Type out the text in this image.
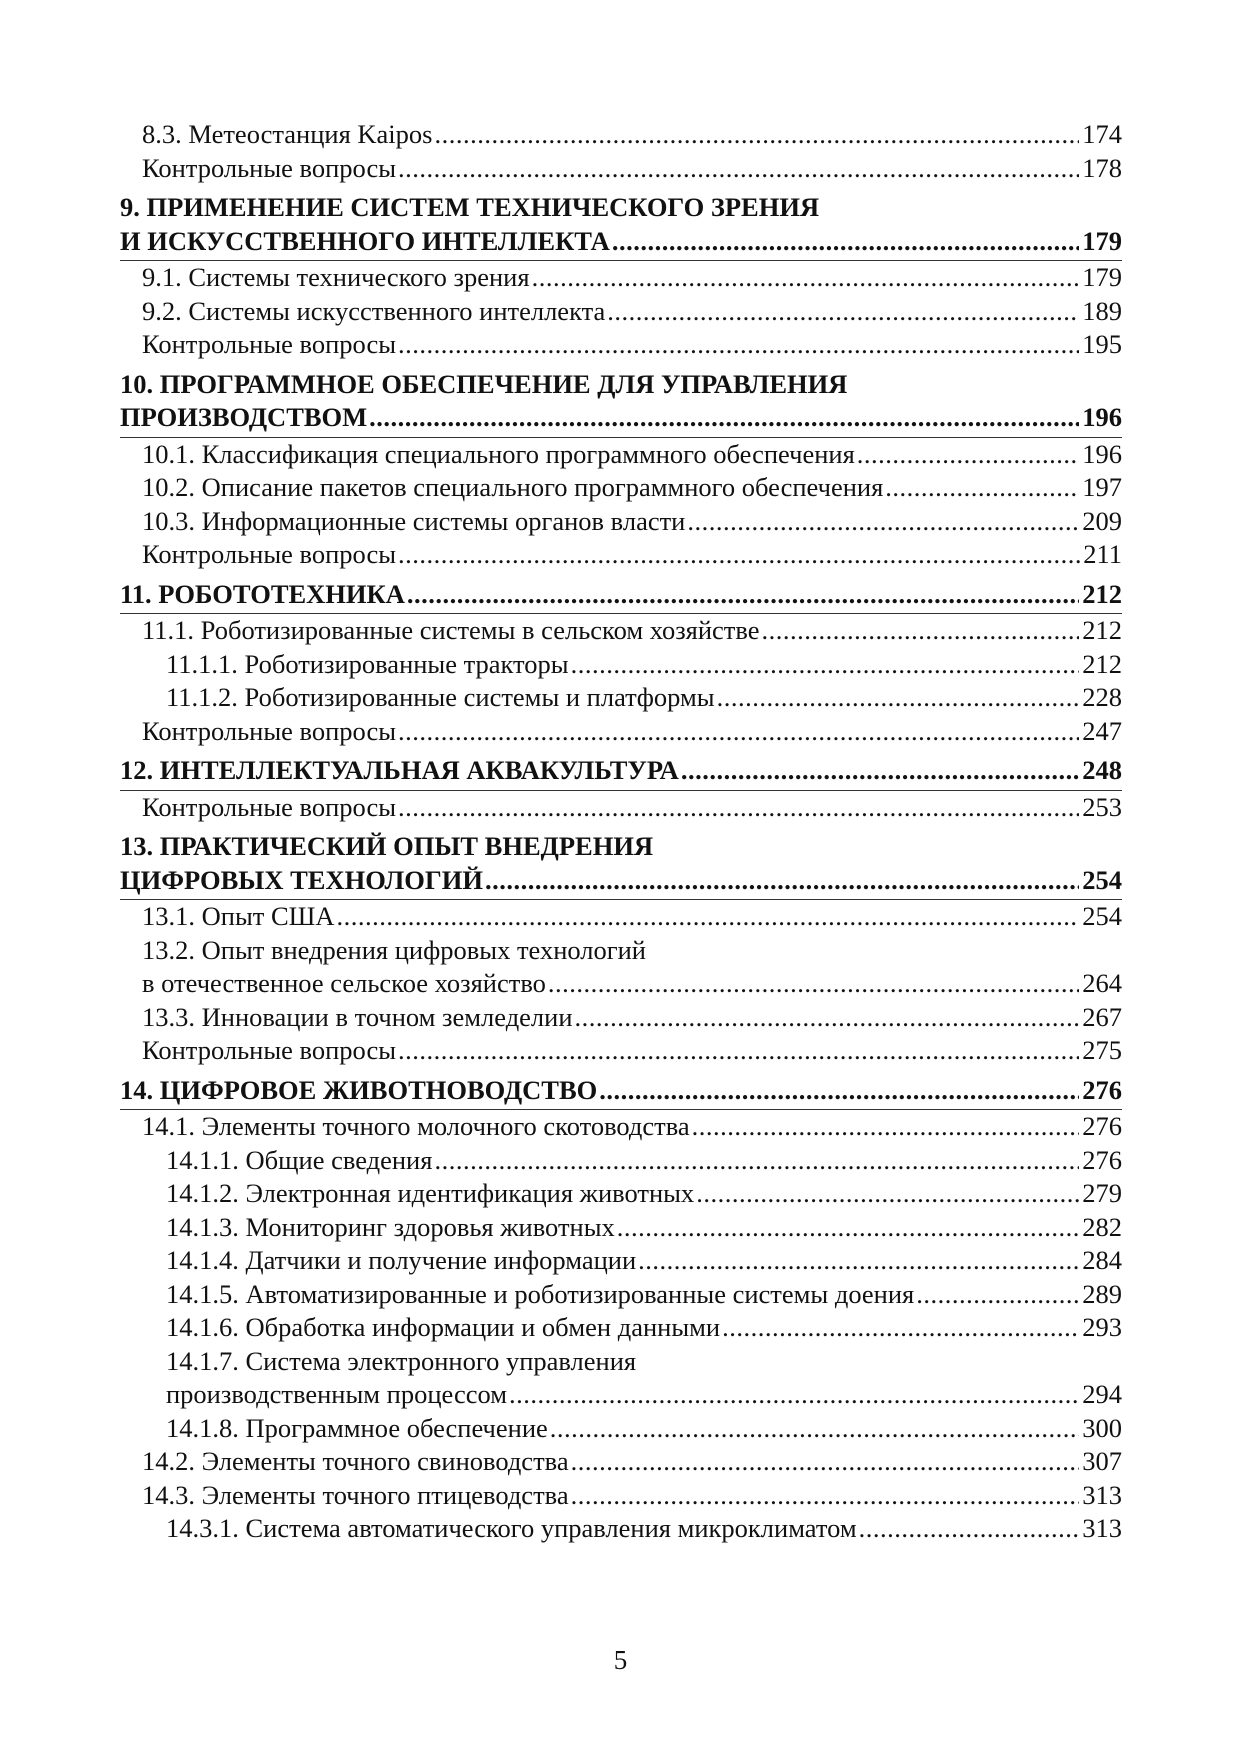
8.3. Метеостанция Kaipos .....	174
Контрольные вопросы .....	178
9. ПРИМЕНЕНИЕ СИСТЕМ ТЕХНИЧЕСКОГО ЗРЕНИЯ
И ИСКУССТВЕННОГО ИНТЕЛЛЕКТА .....	179
9.1. Системы технического зрения .....	179
9.2. Системы искусственного интеллекта .....	189
Контрольные вопросы .....	195
10. ПРОГРАММНОЕ ОБЕСПЕЧЕНИЕ ДЛЯ УПРАВЛЕНИЯ
ПРОИЗВОДСТВОМ .....	196
10.1. Классификация специального программного обеспечения .....	196
10.2. Описание пакетов специального программного обеспечения .....	197
10.3. Информационные системы органов власти .....	209
Контрольные вопросы .....	211
11. РОБОТОТЕХНИКА .....	212
11.1. Роботизированные системы в сельском хозяйстве .....	212
11.1.1. Роботизированные тракторы .....	212
11.1.2. Роботизированные системы и платформы .....	228
Контрольные вопросы .....	247
12. ИНТЕЛЛЕКТУАЛЬНАЯ АКВАКУЛЬТУРА .....	248
Контрольные вопросы .....	253
13. ПРАКТИЧЕСКИЙ ОПЫТ ВНЕДРЕНИЯ
ЦИФРОВЫХ ТЕХНОЛОГИЙ .....	254
13.1. Опыт США .....	254
13.2. Опыт внедрения цифровых технологий
в отечественное сельское хозяйство .....	264
13.3. Инновации в точном земледелии .....	267
Контрольные вопросы .....	275
14. ЦИФРОВОЕ ЖИВОТНОВОДСТВО .....	276
14.1. Элементы точного молочного скотоводства .....	276
14.1.1. Общие сведения .....	276
14.1.2. Электронная идентификация животных .....	279
14.1.3. Мониторинг здоровья животных .....	282
14.1.4. Датчики и получение информации .....	284
14.1.5. Автоматизированные и роботизированные системы доения .....	289
14.1.6. Обработка информации и обмен данными .....	293
14.1.7. Система электронного управления
производственным процессом .....	294
14.1.8. Программное обеспечение .....	300
14.2. Элементы точного свиноводства .....	307
14.3. Элементы точного птицеводства .....	313
14.3.1. Система автоматического управления микроклиматом .....	313
5
